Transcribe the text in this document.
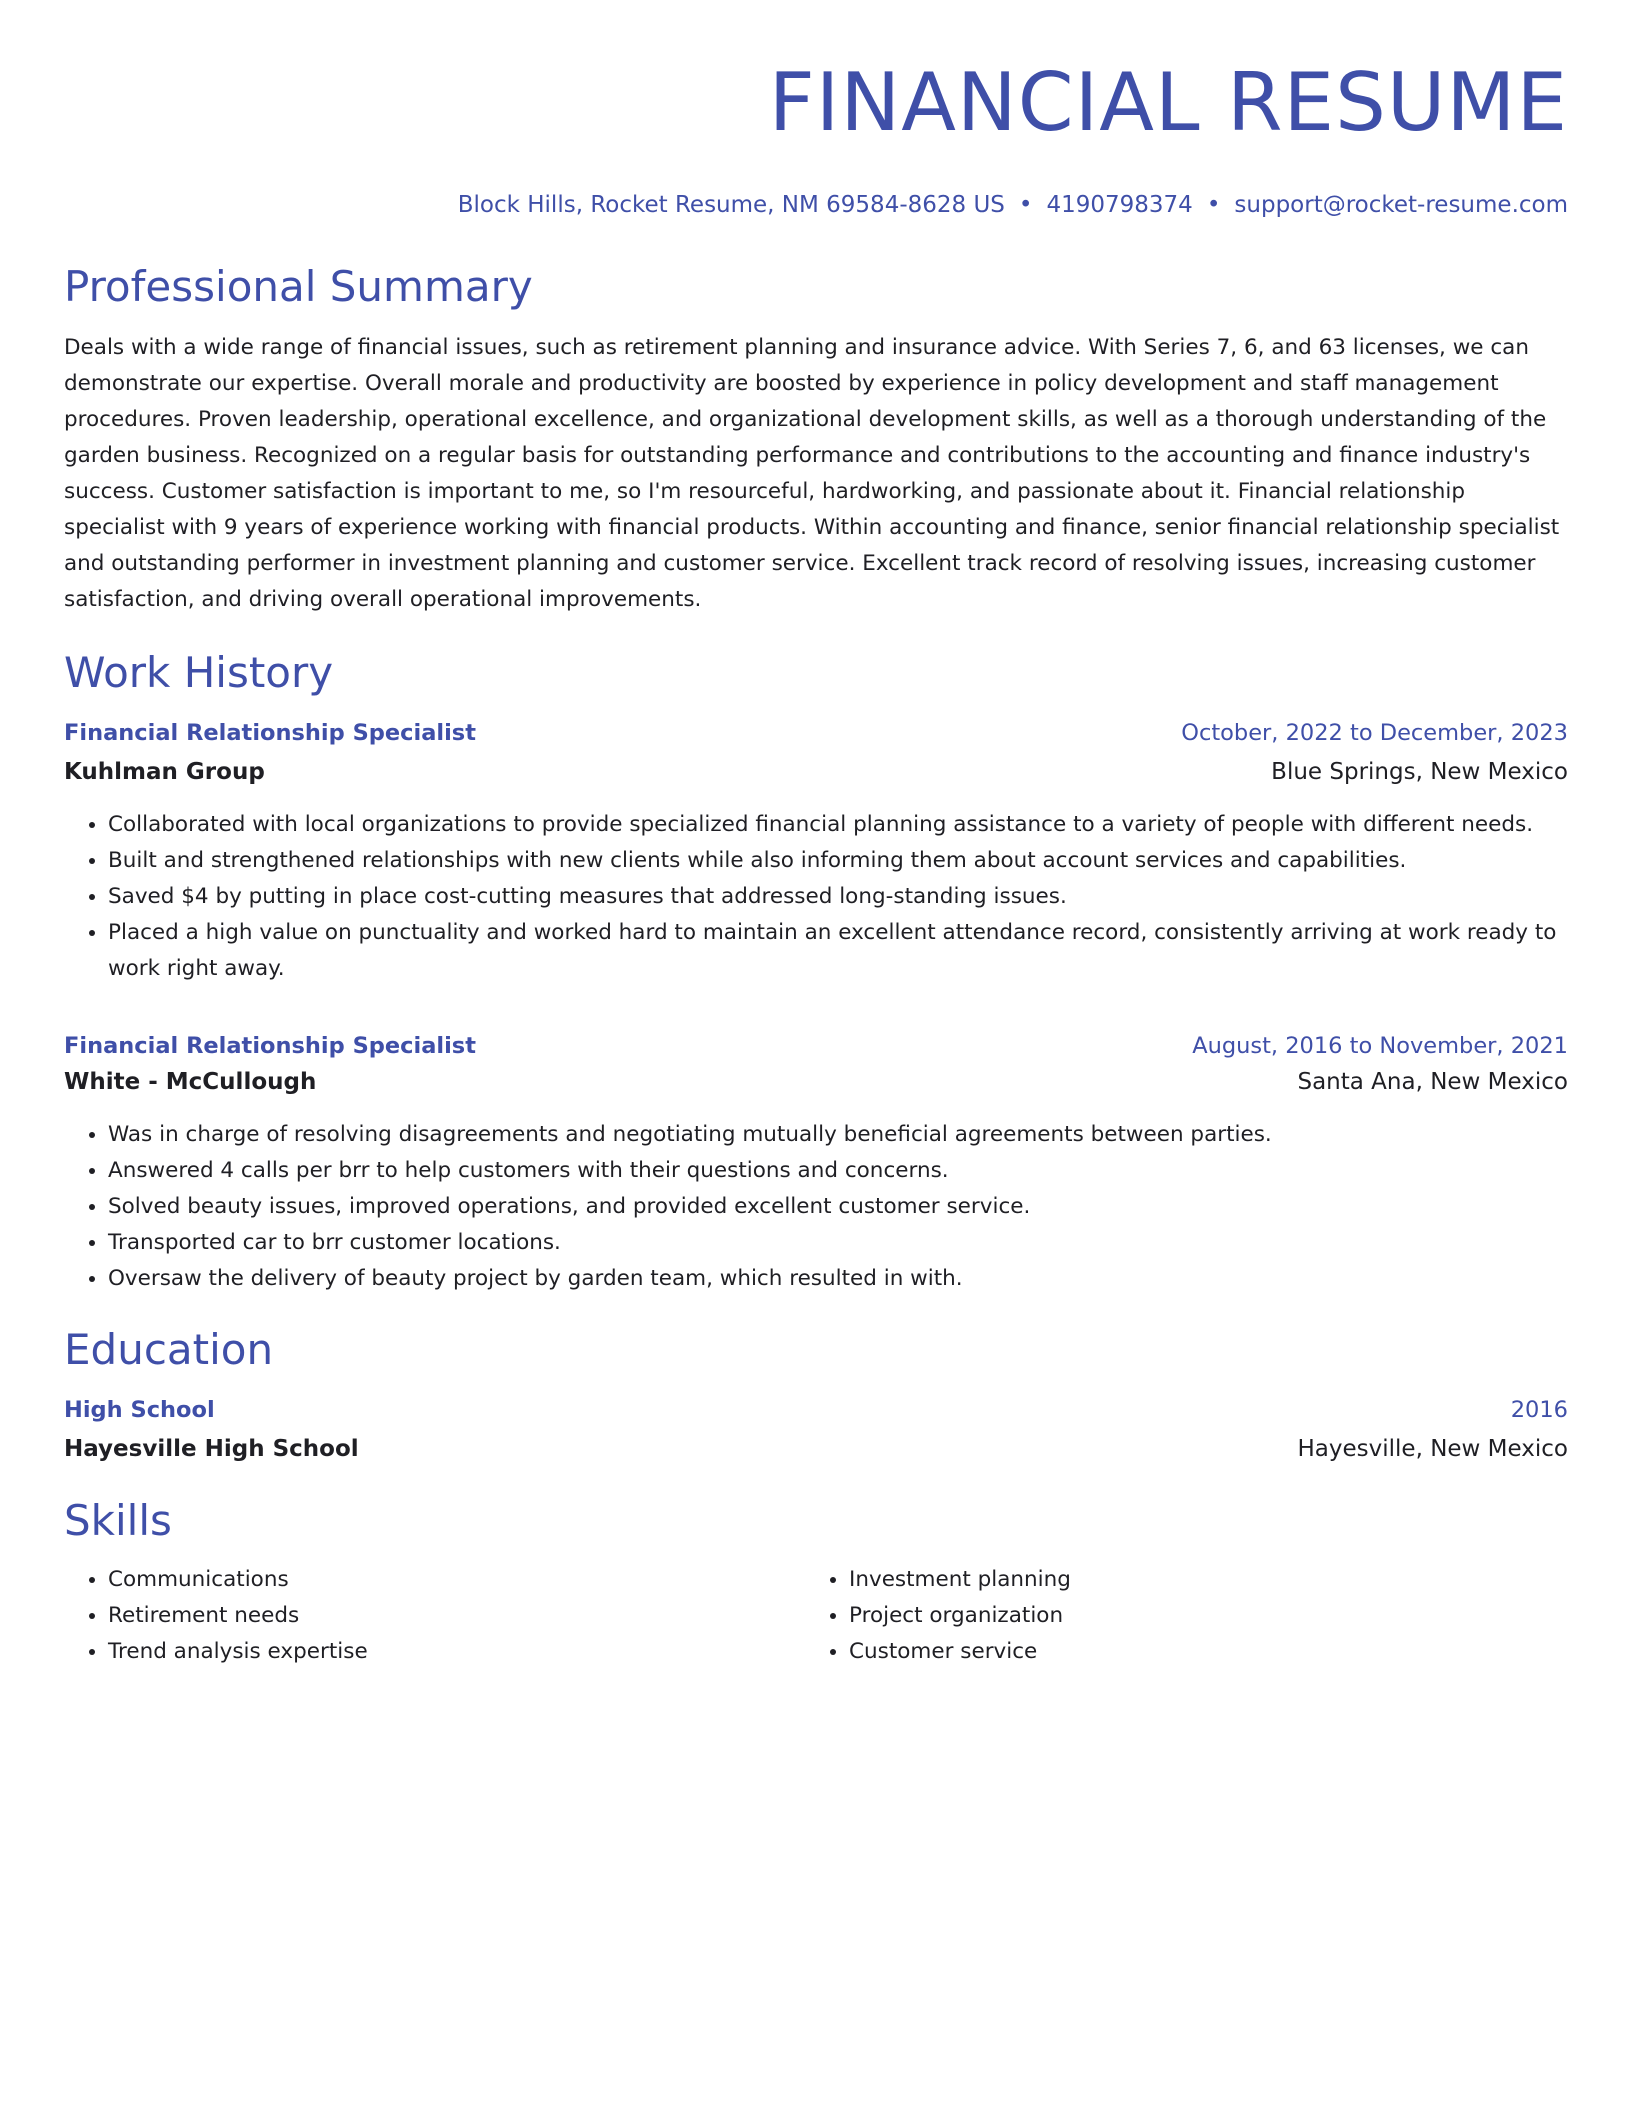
FINANCIAL RESUME
Block Hills, Rocket Resume, NM 69584-8628 US • 4190798374 • support@rocket-resume.com
Professional Summary
Deals with a wide range of financial issues, such as retirement planning and insurance advice. With Series 7, 6, and 63 licenses, we can demonstrate our expertise. Overall morale and productivity are boosted by experience in policy development and staff management procedures. Proven leadership, operational excellence, and organizational development skills, as well as a thorough understanding of the garden business. Recognized on a regular basis for outstanding performance and contributions to the accounting and finance industry's success. Customer satisfaction is important to me, so I'm resourceful, hardworking, and passionate about it. Financial relationship specialist with 9 years of experience working with financial products. Within accounting and finance, senior financial relationship specialist and outstanding performer in investment planning and customer service. Excellent track record of resolving issues, increasing customer satisfaction, and driving overall operational improvements.
Work History
Financial Relationship Specialist	October, 2022 to December, 2023
Kuhlman Group	Blue Springs, New Mexico
• Collaborated with local organizations to provide specialized financial planning assistance to a variety of people with different needs.
• Built and strengthened relationships with new clients while also informing them about account services and capabilities.
• Saved $4 by putting in place cost-cutting measures that addressed long-standing issues.
• Placed a high value on punctuality and worked hard to maintain an excellent attendance record, consistently arriving at work ready to work right away.
Financial Relationship Specialist	August, 2016 to November, 2021
White - McCullough	Santa Ana, New Mexico
• Was in charge of resolving disagreements and negotiating mutually beneficial agreements between parties.
• Answered 4 calls per brr to help customers with their questions and concerns.
• Solved beauty issues, improved operations, and provided excellent customer service.
• Transported car to brr customer locations.
• Oversaw the delivery of beauty project by garden team, which resulted in with.
Education
High School	2016
Hayesville High School	Hayesville, New Mexico
Skills
• Communications
• Retirement needs
• Trend analysis expertise
• Investment planning
• Project organization
• Customer service
